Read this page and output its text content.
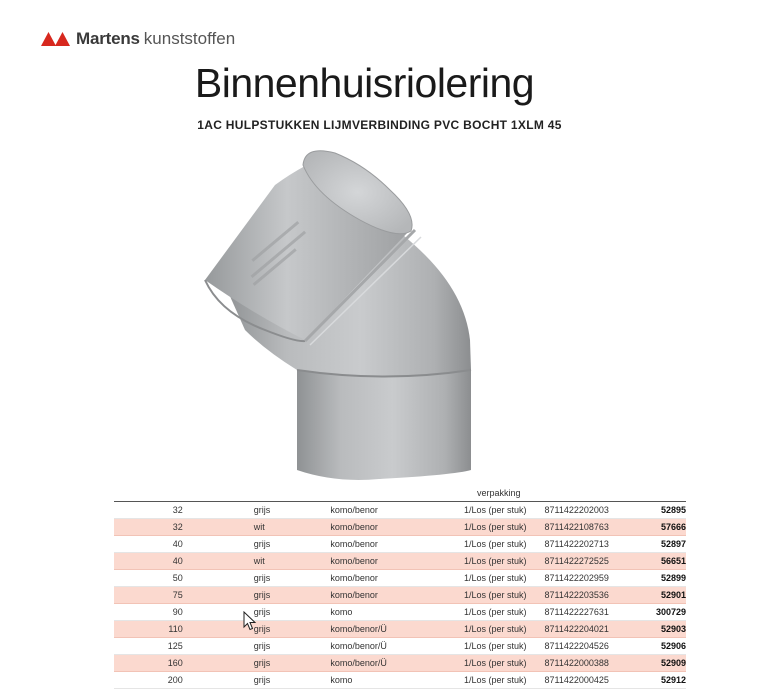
Martens kunststoffen
Binnenhuisriolering
1AC HULPSTUKKEN LIJMVERBINDING PVC BOCHT 1XLM 45
verpakking
32	grijs	komo/benor	1/Los (per stuk)	8711422202003	52895
32	wit	komo/benor	1/Los (per stuk)	8711422108763	57666
40	grijs	komo/benor	1/Los (per stuk)	8711422202713	52897
40	wit	komo/benor	1/Los (per stuk)	8711422272525	56651
50	grijs	komo/benor	1/Los (per stuk)	8711422202959	52899
75	grijs	komo/benor	1/Los (per stuk)	8711422203536	52901
90	grijs	komo	1/Los (per stuk)	8711422227631	300729
110	grijs	komo/benor/Ü	1/Los (per stuk)	8711422204021	52903
125	grijs	komo/benor/Ü	1/Los (per stuk)	8711422204526	52906
160	grijs	komo/benor/Ü	1/Los (per stuk)	8711422000388	52909
200	grijs	komo	1/Los (per stuk)	8711422000425	52912
